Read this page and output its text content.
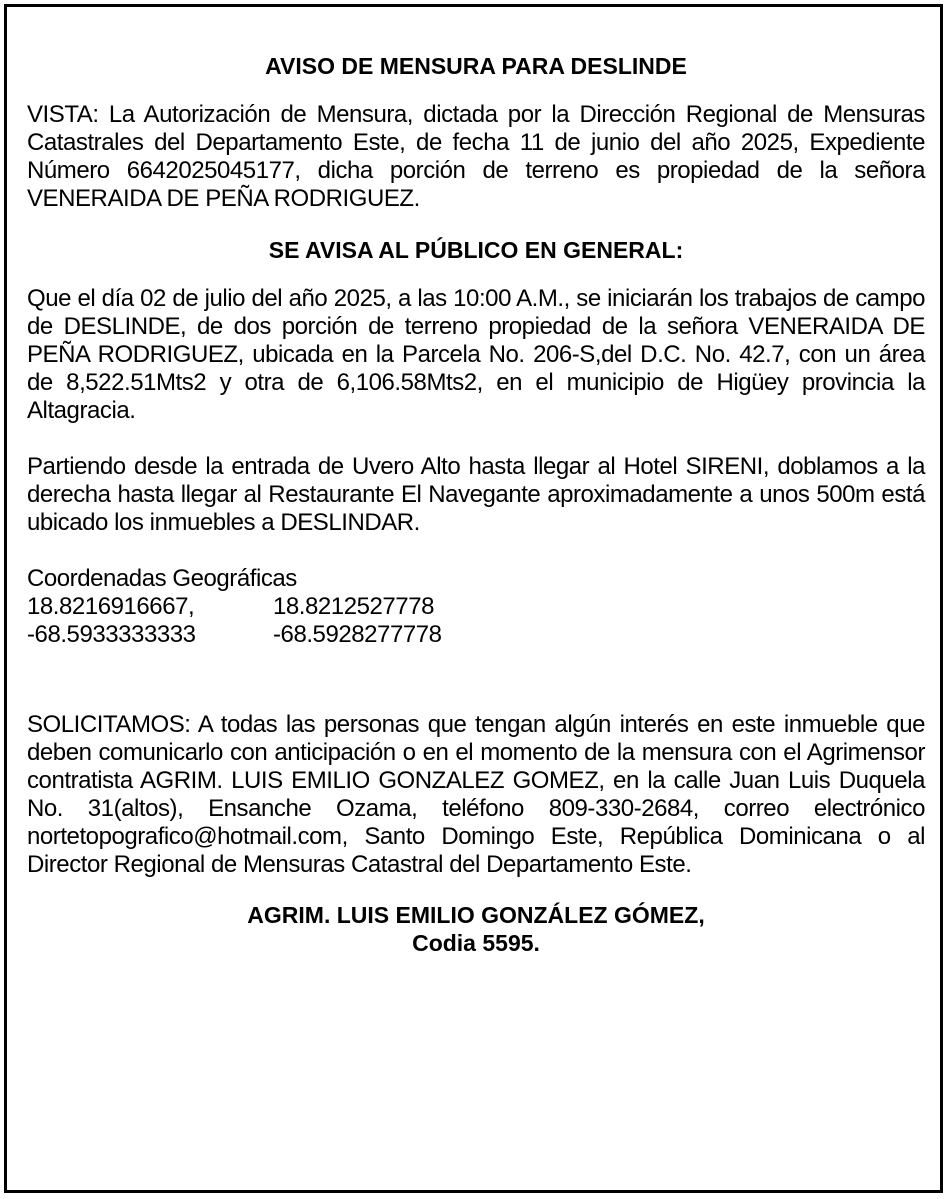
AVISO DE MENSURA PARA DESLINDE

VISTA: La Autorización de Mensura, dictada por la Dirección Regional de Mensuras Catastrales del Departamento Este, de fecha 11 de junio del año 2025, Expediente Número 6642025045177, dicha porción de terreno es propiedad de la señora VENERAIDA DE PEÑA RODRIGUEZ.

SE AVISA AL PÚBLICO EN GENERAL:

Que el día 02 de julio del año 2025, a las 10:00 A.M., se iniciarán los trabajos de campo de DESLINDE, de dos porción de terreno propiedad de la señora VENERAIDA DE PEÑA RODRIGUEZ, ubicada en la Parcela No. 206-S,del D.C. No. 42.7, con un área de 8,522.51Mts2 y otra de 6,106.58Mts2, en el municipio de Higüey provincia la Altagracia.

Partiendo desde la entrada de Uvero Alto hasta llegar al Hotel SIRENI, doblamos a la derecha hasta llegar al Restaurante El Navegante aproximadamente a unos 500m está ubicado los inmuebles a DESLINDAR.

Coordenadas Geográficas
18.8216916667,	18.8212527778
-68.5933333333	-68.5928277778

SOLICITAMOS: A todas las personas que tengan algún interés en este inmueble que deben comunicarlo con anticipación o en el momento de la mensura con el Agrimensor contratista AGRIM. LUIS EMILIO GONZALEZ GOMEZ, en la calle Juan Luis Duquela No. 31(altos), Ensanche Ozama, teléfono 809-330-2684, correo electrónico nortetopografico@hotmail.com, Santo Domingo Este, República Dominicana o al Director Regional de Mensuras Catastral del Departamento Este.

AGRIM. LUIS EMILIO GONZÁLEZ GÓMEZ,
Codia 5595.
